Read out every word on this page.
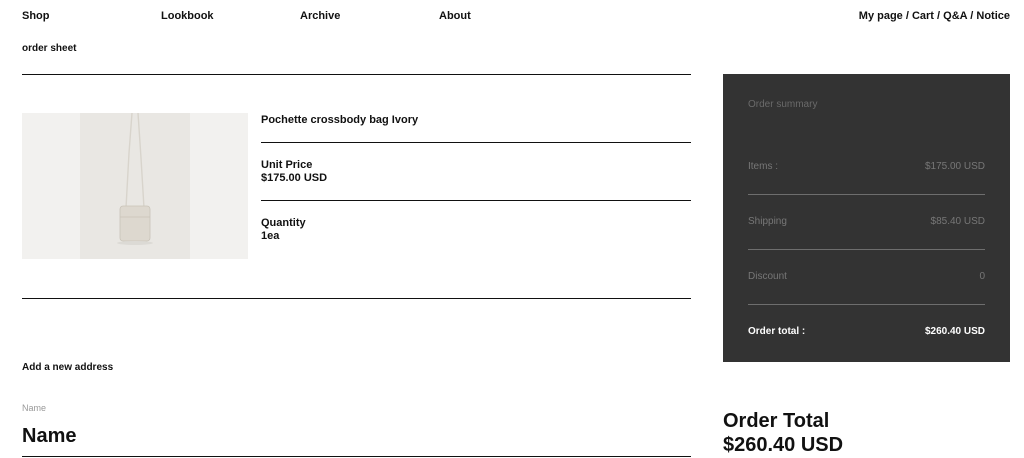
Shop	Lookbook	Archive	About	My page / Cart / Q&A / Notice
order sheet
Pochette crossbody bag Ivory
Unit Price
$175.00 USD
Quantity
1ea
Order summary
Items :	$175.00 USD
Shipping	$85.40 USD
Discount	0
Order total :	$260.40 USD
Add a new address
Name
Name
Order Total
$260.40 USD
